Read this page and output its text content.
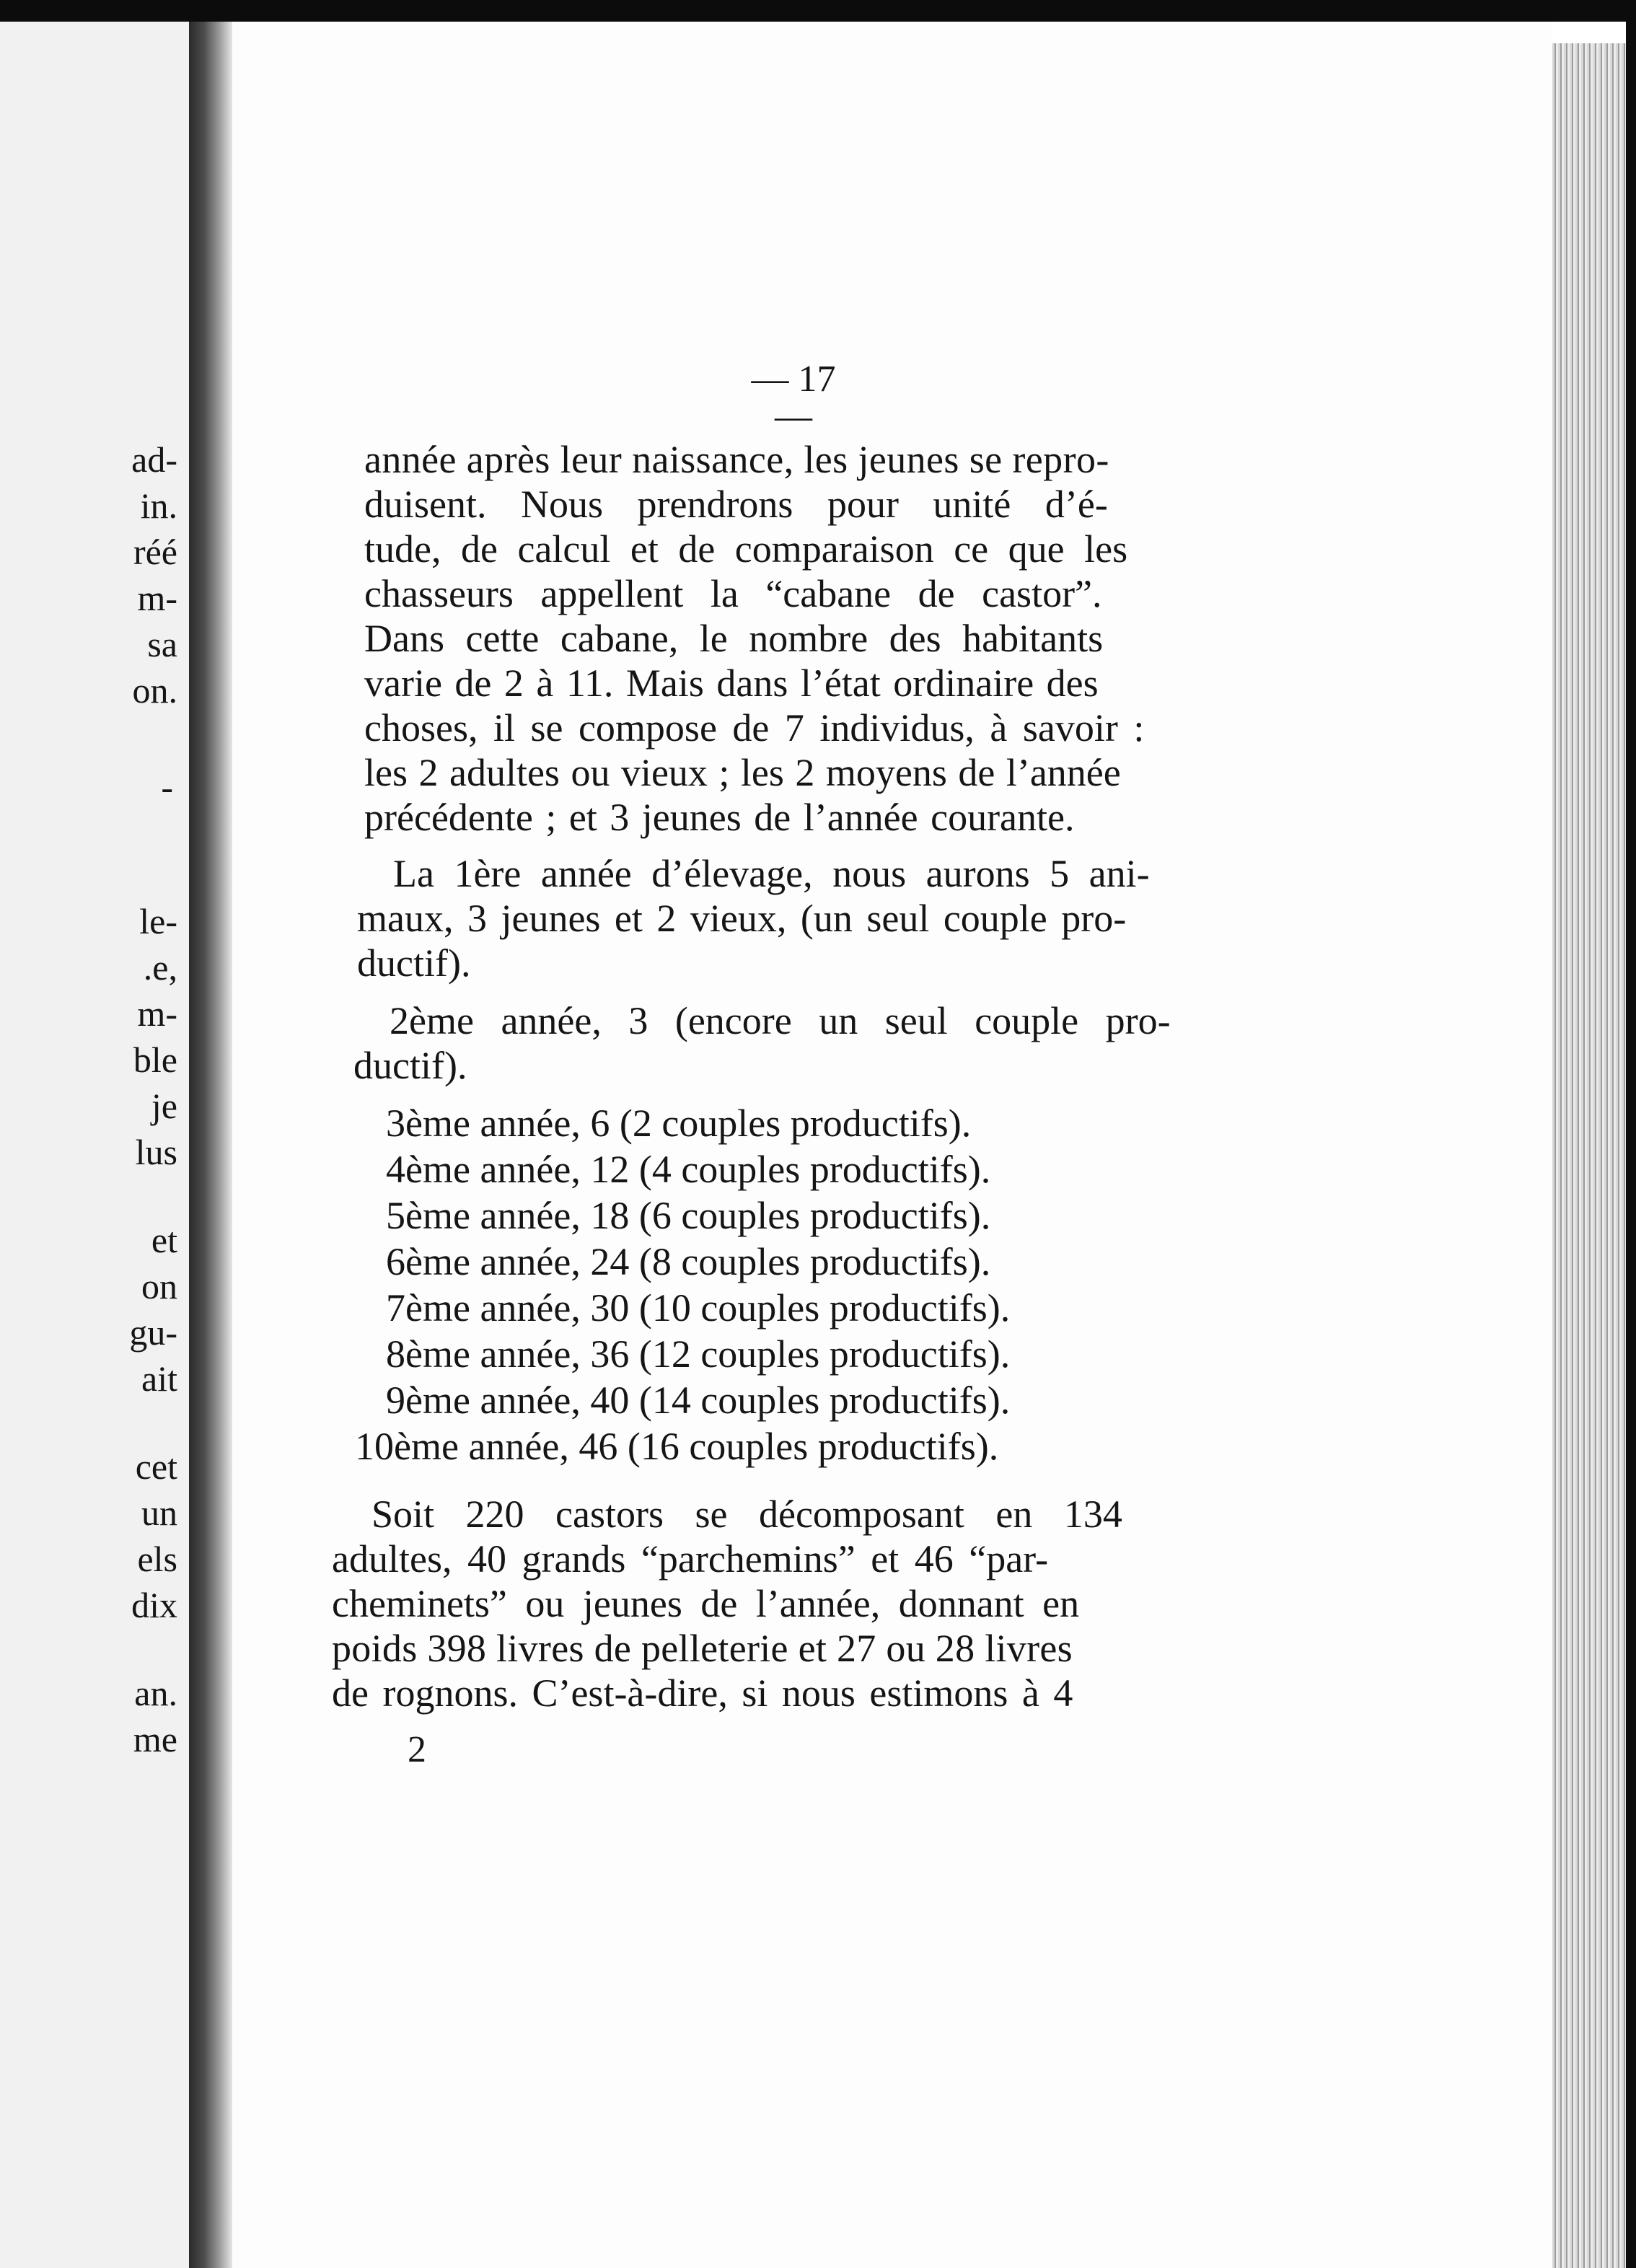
ad-
in.
réé
m-
sa
on.
-
le-
.e,
m-
ble
je
lus
et
on
gu-
ait
cet
un
els
dix
an.
me
— 17 —
année après leur naissance, les jeunes se repro-
duisent. Nous prendrons pour unité d’é-
tude, de calcul et de comparaison ce que les
chasseurs appellent la “cabane de castor”.
Dans cette cabane, le nombre des habitants
varie de 2 à 11. Mais dans l’état ordinaire des
choses, il se compose de 7 individus, à savoir :
les 2 adultes ou vieux ; les 2 moyens de l’année
précédente ; et 3 jeunes de l’année courante.
La 1ère année d’élevage, nous aurons 5 ani-
maux, 3 jeunes et 2 vieux, (un seul couple pro-
ductif).
2ème année, 3 (encore un seul couple pro-
ductif).
3ème année, 6 (2 couples productifs).
4ème année, 12 (4 couples productifs).
5ème année, 18 (6 couples productifs).
6ème année, 24 (8 couples productifs).
7ème année, 30 (10 couples productifs).
8ème année, 36 (12 couples productifs).
9ème année, 40 (14 couples productifs).
10ème année, 46 (16 couples productifs).
Soit 220 castors se décomposant en 134
adultes, 40 grands “parchemins” et 46 “par-
cheminets” ou jeunes de l’année, donnant en
poids 398 livres de pelleterie et 27 ou 28 livres
de rognons. C’est-à-dire, si nous estimons à 4
2
